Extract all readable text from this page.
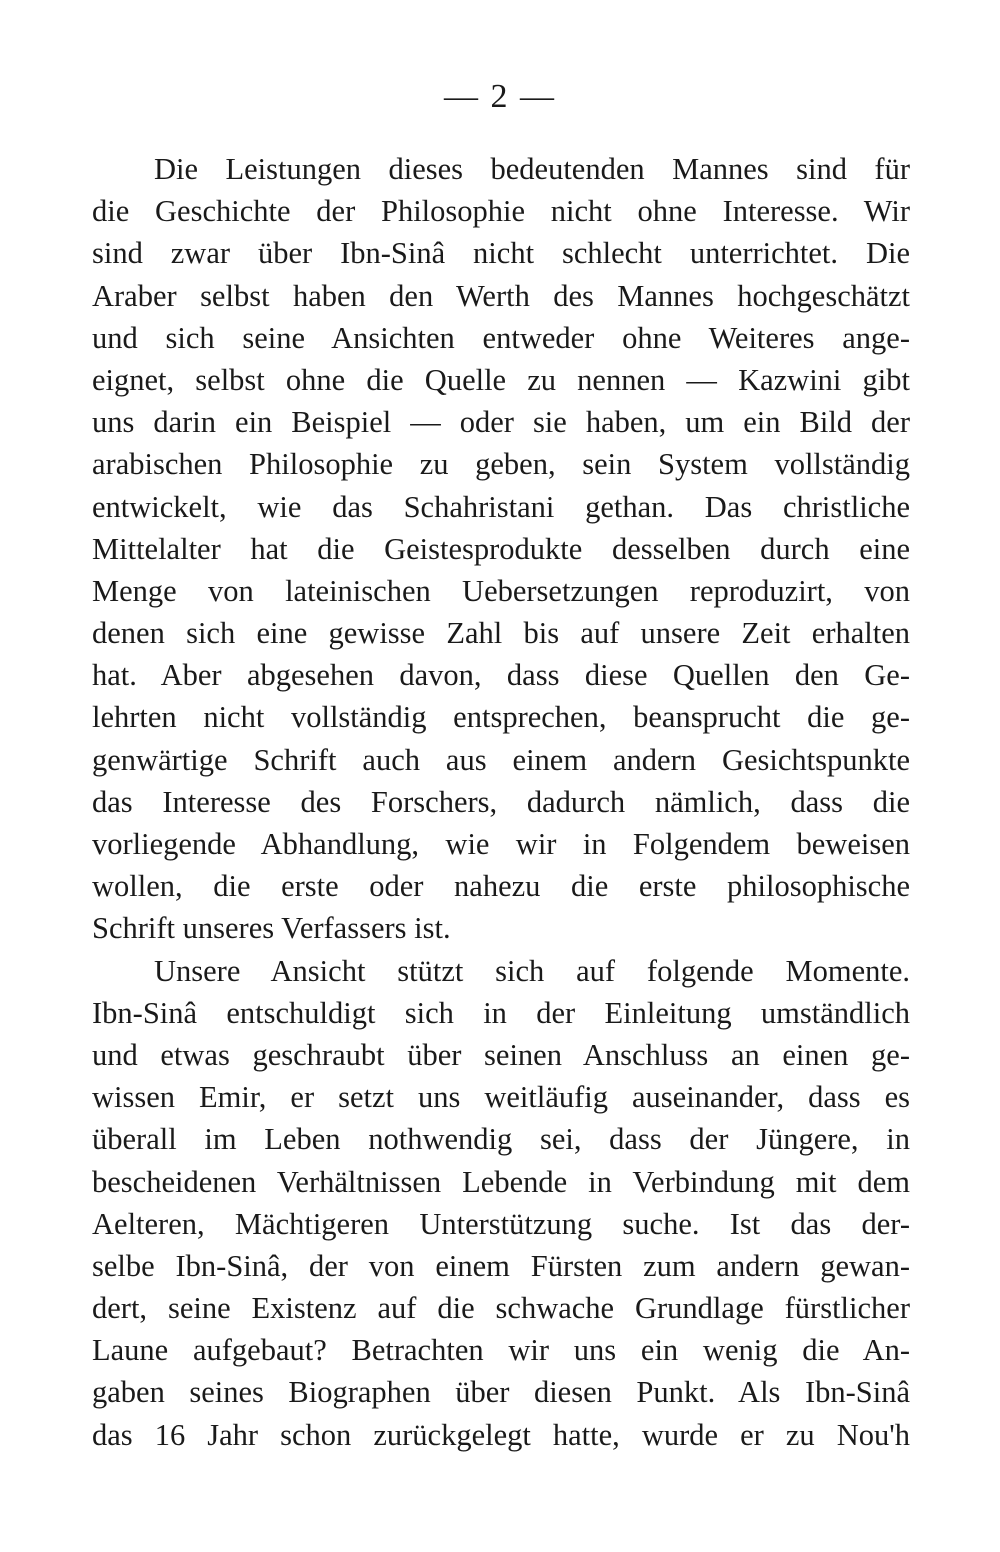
— 2 —
Die Leistungen dieses bedeutenden Mannes sind für
die Geschichte der Philosophie nicht ohne Interesse. Wir
sind zwar über Ibn-Sinâ nicht schlecht unterrichtet. Die
Araber selbst haben den Werth des Mannes hochgeschätzt
und sich seine Ansichten entweder ohne Weiteres ange-
eignet, selbst ohne die Quelle zu nennen — Kazwini gibt
uns darin ein Beispiel — oder sie haben, um ein Bild der
arabischen Philosophie zu geben, sein System vollständig
entwickelt, wie das Schahristani gethan. Das christliche
Mittelalter hat die Geistesprodukte desselben durch eine
Menge von lateinischen Uebersetzungen reproduzirt, von
denen sich eine gewisse Zahl bis auf unsere Zeit erhalten
hat. Aber abgesehen davon, dass diese Quellen den Ge-
lehrten nicht vollständig entsprechen, beansprucht die ge-
genwärtige Schrift auch aus einem andern Gesichtspunkte
das Interesse des Forschers, dadurch nämlich, dass die
vorliegende Abhandlung, wie wir in Folgendem beweisen
wollen, die erste oder nahezu die erste philosophische
Schrift unseres Verfassers ist.
Unsere Ansicht stützt sich auf folgende Momente.
Ibn-Sinâ entschuldigt sich in der Einleitung umständlich
und etwas geschraubt über seinen Anschluss an einen ge-
wissen Emir, er setzt uns weitläufig auseinander, dass es
überall im Leben nothwendig sei, dass der Jüngere, in
bescheidenen Verhältnissen Lebende in Verbindung mit dem
Aelteren, Mächtigeren Unterstützung suche. Ist das der-
selbe Ibn-Sinâ, der von einem Fürsten zum andern gewan-
dert, seine Existenz auf die schwache Grundlage fürstlicher
Laune aufgebaut? Betrachten wir uns ein wenig die An-
gaben seines Biographen über diesen Punkt. Als Ibn-Sinâ
das 16 Jahr schon zurückgelegt hatte, wurde er zu Nou'h
